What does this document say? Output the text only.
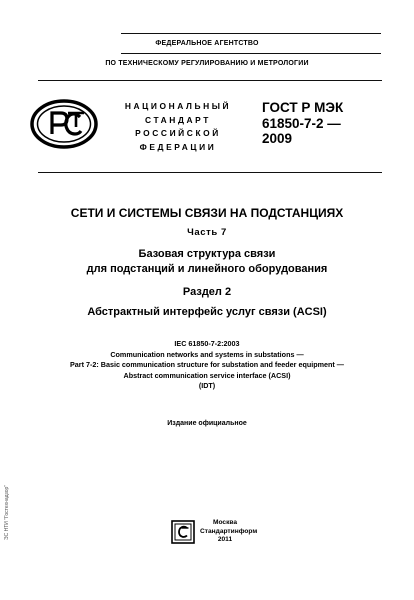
ФЕДЕРАЛЬНОЕ АГЕНТСТВО
ПО ТЕХНИЧЕСКОМУ РЕГУЛИРОВАНИЮ И МЕТРОЛОГИИ
НАЦИОНАЛЬНЫЙ
СТАНДАРТ
РОССИЙСКОЙ
ФЕДЕРАЦИИ
ГОСТ Р МЭК
61850-7-2 —
2009
СЕТИ И СИСТЕМЫ СВЯЗИ НА ПОДСТАНЦИЯХ
Часть 7
Базовая структура связи
для подстанций и линейного оборудования
Раздел 2
Абстрактный интерфейс услуг связи (ACSI)
IEC 61850-7-2:2003
Communication networks and systems in substations —
Part 7-2: Basic communication structure for substation and feeder equipment —
Abstract communication service interface (ACSI)
(IDT)
Издание официальное
Москва
Стандартинформ
2011
ЭС НТИ "Гостехнадзор"
